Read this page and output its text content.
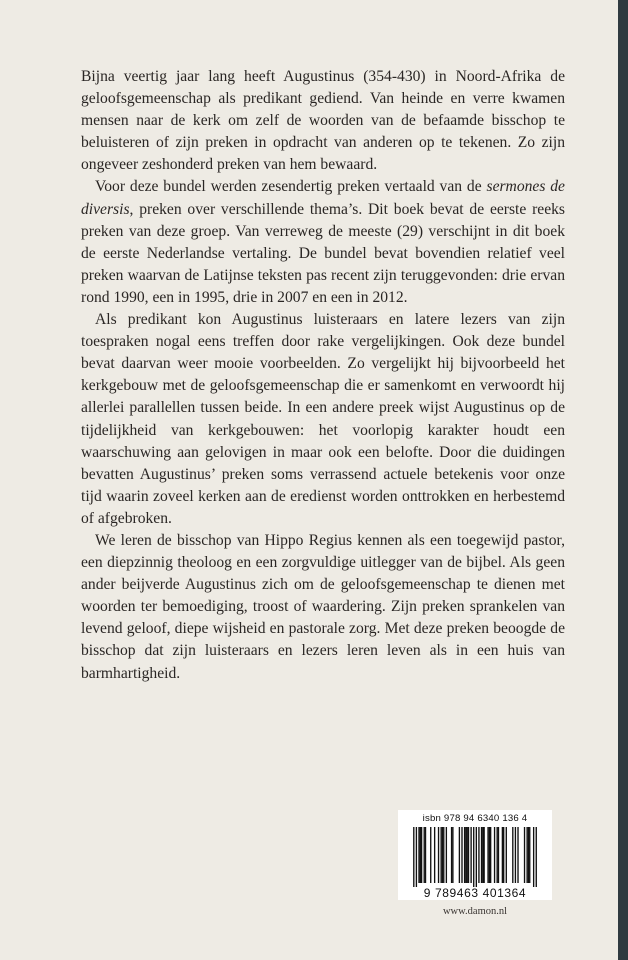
Bijna veertig jaar lang heeft Augustinus (354-430) in Noord-Afrika de geloofsgemeenschap als predikant gediend. Van heinde en verre kwamen mensen naar de kerk om zelf de woorden van de befaamde bisschop te beluisteren of zijn preken in opdracht van anderen op te tekenen. Zo zijn ongeveer zeshonderd preken van hem bewaard.

Voor deze bundel werden zesendertig preken vertaald van de sermones de diversis, preken over verschillende thema’s. Dit boek bevat de eerste reeks preken van deze groep. Van verreweg de meeste (29) verschijnt in dit boek de eerste Nederlandse vertaling. De bundel bevat bovendien relatief veel preken waarvan de Latijnse teksten pas recent zijn teruggevonden: drie ervan rond 1990, een in 1995, drie in 2007 en een in 2012.

Als predikant kon Augustinus luisteraars en latere lezers van zijn toespraken nogal eens treffen door rake vergelijkingen. Ook deze bundel bevat daarvan weer mooie voorbeelden. Zo vergelijkt hij bijvoorbeeld het kerkgebouw met de geloofsgemeenschap die er samenkomt en verwoordt hij allerlei parallellen tussen beide. In een andere preek wijst Augustinus op de tijdelijkheid van kerkgebouwen: het voorlopig karakter houdt een waarschuwing aan gelovigen in maar ook een belofte. Door die duidingen bevatten Augustinus’ preken soms verrassend actuele betekenis voor onze tijd waarin zoveel kerken aan de eredienst worden onttrokken en herbestemd of afgebroken.

We leren de bisschop van Hippo Regius kennen als een toegewijd pastor, een diepzinnig theoloog en een zorgvuldige uitlegger van de bijbel. Als geen ander beijverde Augustinus zich om de geloofsgemeenschap te dienen met woorden ter bemoediging, troost of waardering. Zijn preken sprankelen van levend geloof, diepe wijsheid en pastorale zorg. Met deze preken beoogde de bisschop dat zijn luisteraars en lezers leren leven als in een huis van barmhartigheid.

isbn 978 94 6340 136 4
9 789463 401364
www.damon.nl
